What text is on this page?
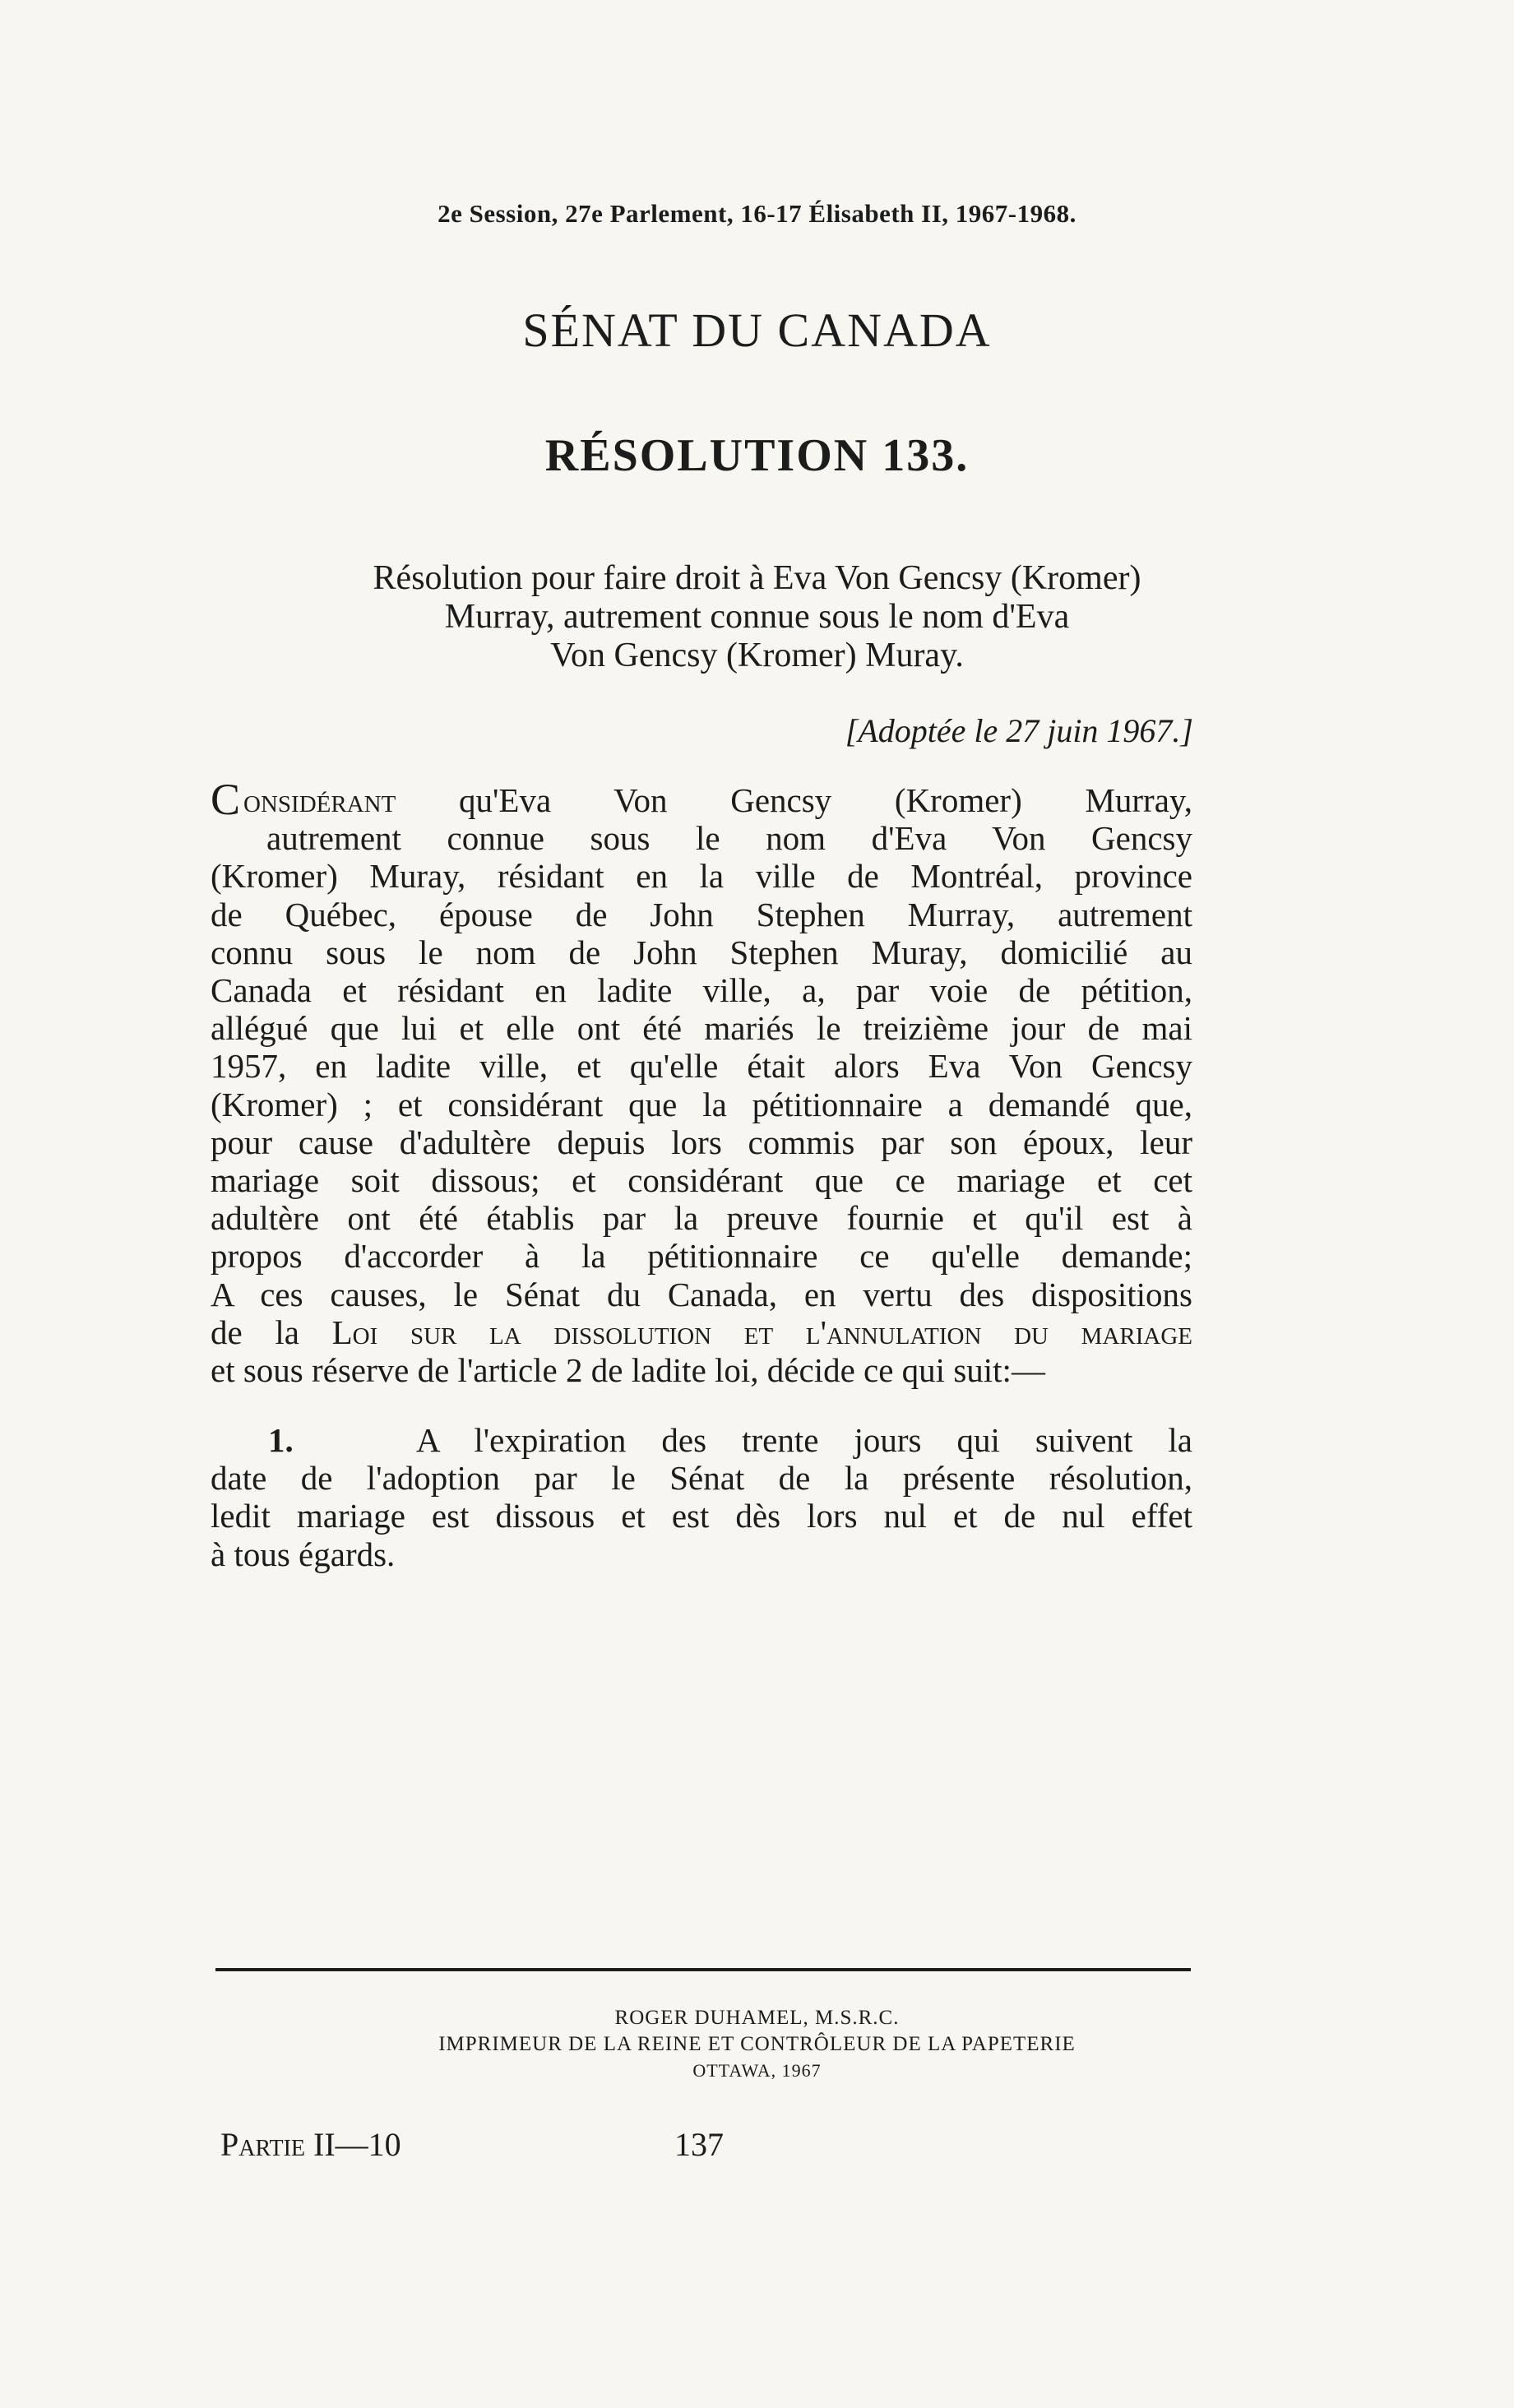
2e Session, 27e Parlement, 16-17 Élisabeth II, 1967-1968.
SÉNAT DU CANADA
RÉSOLUTION 133.
Résolution pour faire droit à Eva Von Gencsy (Kromer)
Murray, autrement connue sous le nom d'Eva
Von Gencsy (Kromer) Muray.
[Adoptée le 27 juin 1967.]
C onsidérant qu'Eva Von Gencsy (Kromer) Murray,
autrement connue sous le nom d'Eva Von Gencsy
(Kromer) Muray, résidant en la ville de Montréal, province
de Québec, épouse de John Stephen Murray, autrement
connu sous le nom de John Stephen Muray, domicilié au
Canada et résidant en ladite ville, a, par voie de pétition,
allégué que lui et elle ont été mariés le treizième jour de mai
1957, en ladite ville, et qu'elle était alors Eva Von Gencsy
(Kromer) ; et considérant que la pétitionnaire a demandé que,
pour cause d'adultère depuis lors commis par son époux, leur
mariage soit dissous; et considérant que ce mariage et cet
adultère ont été établis par la preuve fournie et qu'il est à
propos d'accorder à la pétitionnaire ce qu'elle demande;
A ces causes, le Sénat du Canada, en vertu des dispositions
de la Loi sur la dissolution et l'annulation du mariage
et sous réserve de l'article 2 de ladite loi, décide ce qui suit:—
1.	A l'expiration des trente jours qui suivent la
date de l'adoption par le Sénat de la présente résolution,
ledit mariage est dissous et est dès lors nul et de nul effet
à tous égards.
ROGER DUHAMEL, M.S.R.C.
IMPRIMEUR DE LA REINE ET CONTRÔLEUR DE LA PAPETERIE
OTTAWA, 1967
Partie II—10	137
